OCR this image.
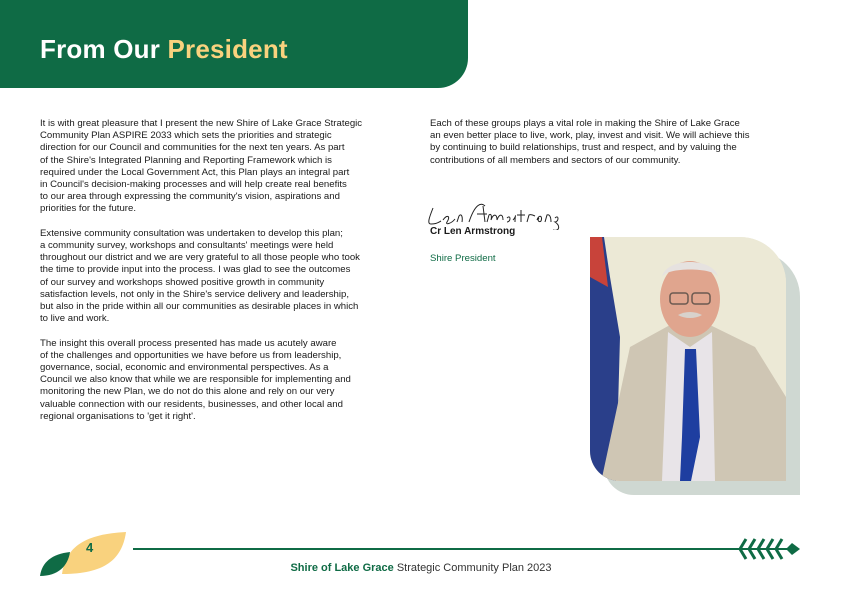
From Our President

It is with great pleasure that I present the new Shire of Lake Grace Strategic
Community Plan ASPIRE 2033 which sets the priorities and strategic
direction for our Council and communities for the next ten years. As part
of the Shire's Integrated Planning and Reporting Framework which is
required under the Local Government Act, this Plan plays an integral part
in Council's decision-making processes and will help create real benefits
to our area through expressing the community's vision, aspirations and
priorities for the future.

Extensive community consultation was undertaken to develop this plan;
a community survey, workshops and consultants' meetings were held
throughout our district and we are very grateful to all those people who took
the time to provide input into the process. I was glad to see the outcomes
of our survey and workshops showed positive growth in community
satisfaction levels, not only in the Shire's service delivery and leadership,
but also in the pride within all our communities as desirable places in which
to live and work.

The insight this overall process presented has made us acutely aware
of the challenges and opportunities we have before us from leadership,
governance, social, economic and environmental perspectives. As a
Council we also know that while we are responsible for implementing and
monitoring the new Plan, we do not do this alone and rely on our very
valuable connection with our residents, businesses, and other local and
regional organisations to 'get it right'.

Each of these groups plays a vital role in making the Shire of Lake Grace
an even better place to live, work, play, invest and visit. We will achieve this
by continuing to build relationships, trust and respect, and by valuing the
contributions of all members and sectors of our community.

Cr Len Armstrong
Shire President
4
Shire of Lake Grace Strategic Community Plan 2023
